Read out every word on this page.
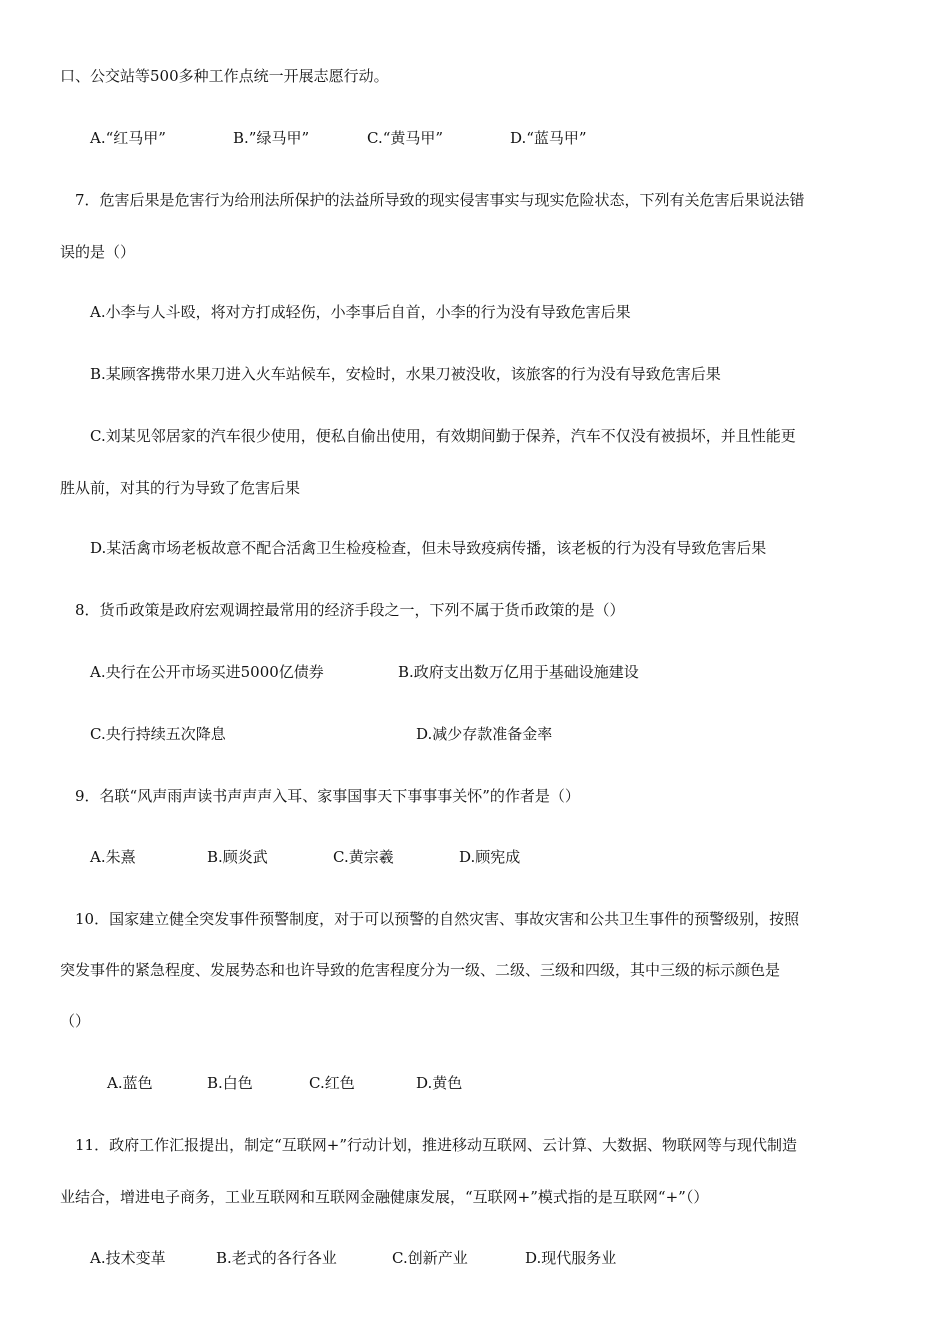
口、公交站等500多种工作点统一开展志愿行动。
A.“红马甲”	B.”绿马甲”	C.“黄马甲”	D.“蓝马甲”
7．危害后果是危害行为给刑法所保护的法益所导致的现实侵害事实与现实危险状态，下列有关危害后果说法错
误的是（）
A.小李与人斗殴，将对方打成轻伤，小李事后自首，小李的行为没有导致危害后果
B.某顾客携带水果刀进入火车站候车，安检时，水果刀被没收，该旅客的行为没有导致危害后果
C.刘某见邻居家的汽车很少使用，便私自偷出使用，有效期间勤于保养，汽车不仅没有被损坏，并且性能更
胜从前，对其的行为导致了危害后果
D.某活禽市场老板故意不配合活禽卫生检疫检查，但未导致疫病传播，该老板的行为没有导致危害后果
8．货币政策是政府宏观调控最常用的经济手段之一，下列不属于货币政策的是（）
A.央行在公开市场买进5000亿债券	B.政府支出数万亿用于基础设施建设
C.央行持续五次降息	D.减少存款准备金率
9．名联“风声雨声读书声声声入耳、家事国事天下事事事关怀”的作者是（）
A.朱熹	B.顾炎武	C.黄宗羲	D.顾宪成
10．国家建立健全突发事件预警制度，对于可以预警的自然灾害、事故灾害和公共卫生事件的预警级别，按照
突发事件的紧急程度、发展势态和也许导致的危害程度分为一级、二级、三级和四级，其中三级的标示颜色是
（）
A.蓝色	B.白色	C.红色	D.黄色
11．政府工作汇报提出，制定“互联网+”行动计划，推进移动互联网、云计算、大数据、物联网等与现代制造
业结合，增进电子商务，工业互联网和互联网金融健康发展，“互联网+”模式指的是互联网“+”（）
A.技术变革	B.老式的各行各业	C.创新产业	D.现代服务业
